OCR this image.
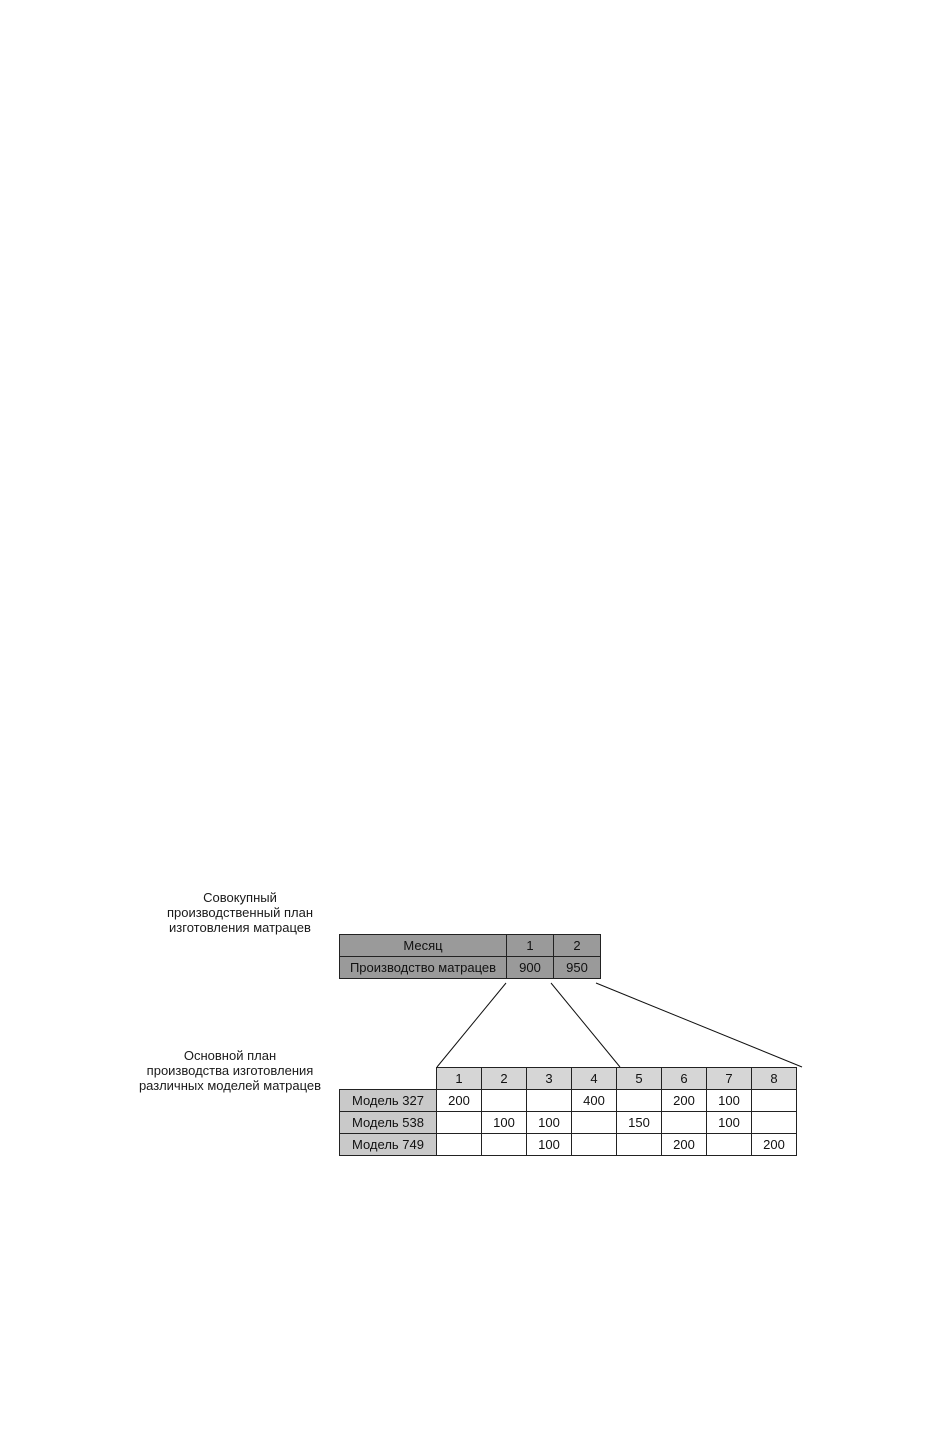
Совокупный
производственный план
изготовления матрацев
Основной план
производства изготовления
различных моделей матрацев
Месяц	1	2
Производство матрацев	900	950
	1	2	3	4	5	6	7	8
Модель 327	200			400		200	100	
Модель 538		100	100		150		100	
Модель 749			100			200		200
